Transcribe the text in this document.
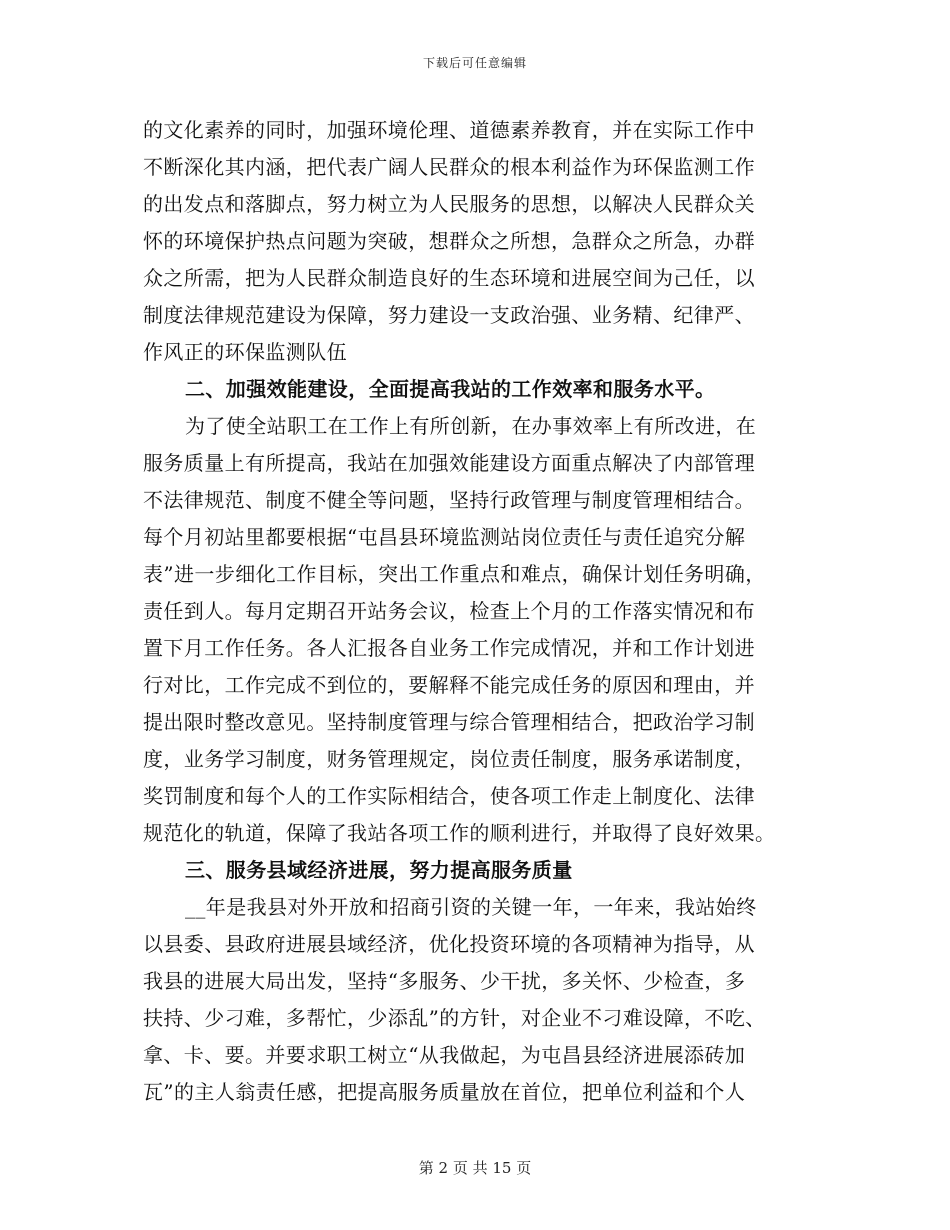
下载后可任意编辑
的文化素养的同时，加强环境伦理、道德素养教育，并在实际工作中
不断深化其内涵，把代表广阔人民群众的根本利益作为环保监测工作
的出发点和落脚点，努力树立为人民服务的思想，以解决人民群众关
怀的环境保护热点问题为突破，想群众之所想，急群众之所急，办群
众之所需，把为人民群众制造良好的生态环境和进展空间为己任，以
制度法律规范建设为保障，努力建设一支政治强、业务精、纪律严、
作风正的环保监测队伍
二、加强效能建设，全面提高我站的工作效率和服务水平。
为了使全站职工在工作上有所创新，在办事效率上有所改进，在
服务质量上有所提高，我站在加强效能建设方面重点解决了内部管理
不法律规范、制度不健全等问题，坚持行政管理与制度管理相结合。
每个月初站里都要根据“屯昌县环境监测站岗位责任与责任追究分解
表”进一步细化工作目标，突出工作重点和难点，确保计划任务明确，
责任到人。每月定期召开站务会议，检查上个月的工作落实情况和布
置下月工作任务。各人汇报各自业务工作完成情况，并和工作计划进
行对比，工作完成不到位的，要解释不能完成任务的原因和理由，并
提出限时整改意见。坚持制度管理与综合管理相结合，把政治学习制
度，业务学习制度，财务管理规定，岗位责任制度，服务承诺制度，
奖罚制度和每个人的工作实际相结合，使各项工作走上制度化、法律
规范化的轨道，保障了我站各项工作的顺利进行，并取得了良好效果。
三、服务县域经济进展，努力提高服务质量
__年是我县对外开放和招商引资的关键一年，一年来，我站始终
以县委、县政府进展县域经济，优化投资环境的各项精神为指导，从
我县的进展大局出发，坚持“多服务、少干扰，多关怀、少检查，多
扶持、少刁难，多帮忙，少添乱”的方针，对企业不刁难设障，不吃、
拿、卡、要。并要求职工树立“从我做起，为屯昌县经济进展添砖加
瓦”的主人翁责任感，把提高服务质量放在首位，把单位利益和个人
第 2 页 共 15 页
